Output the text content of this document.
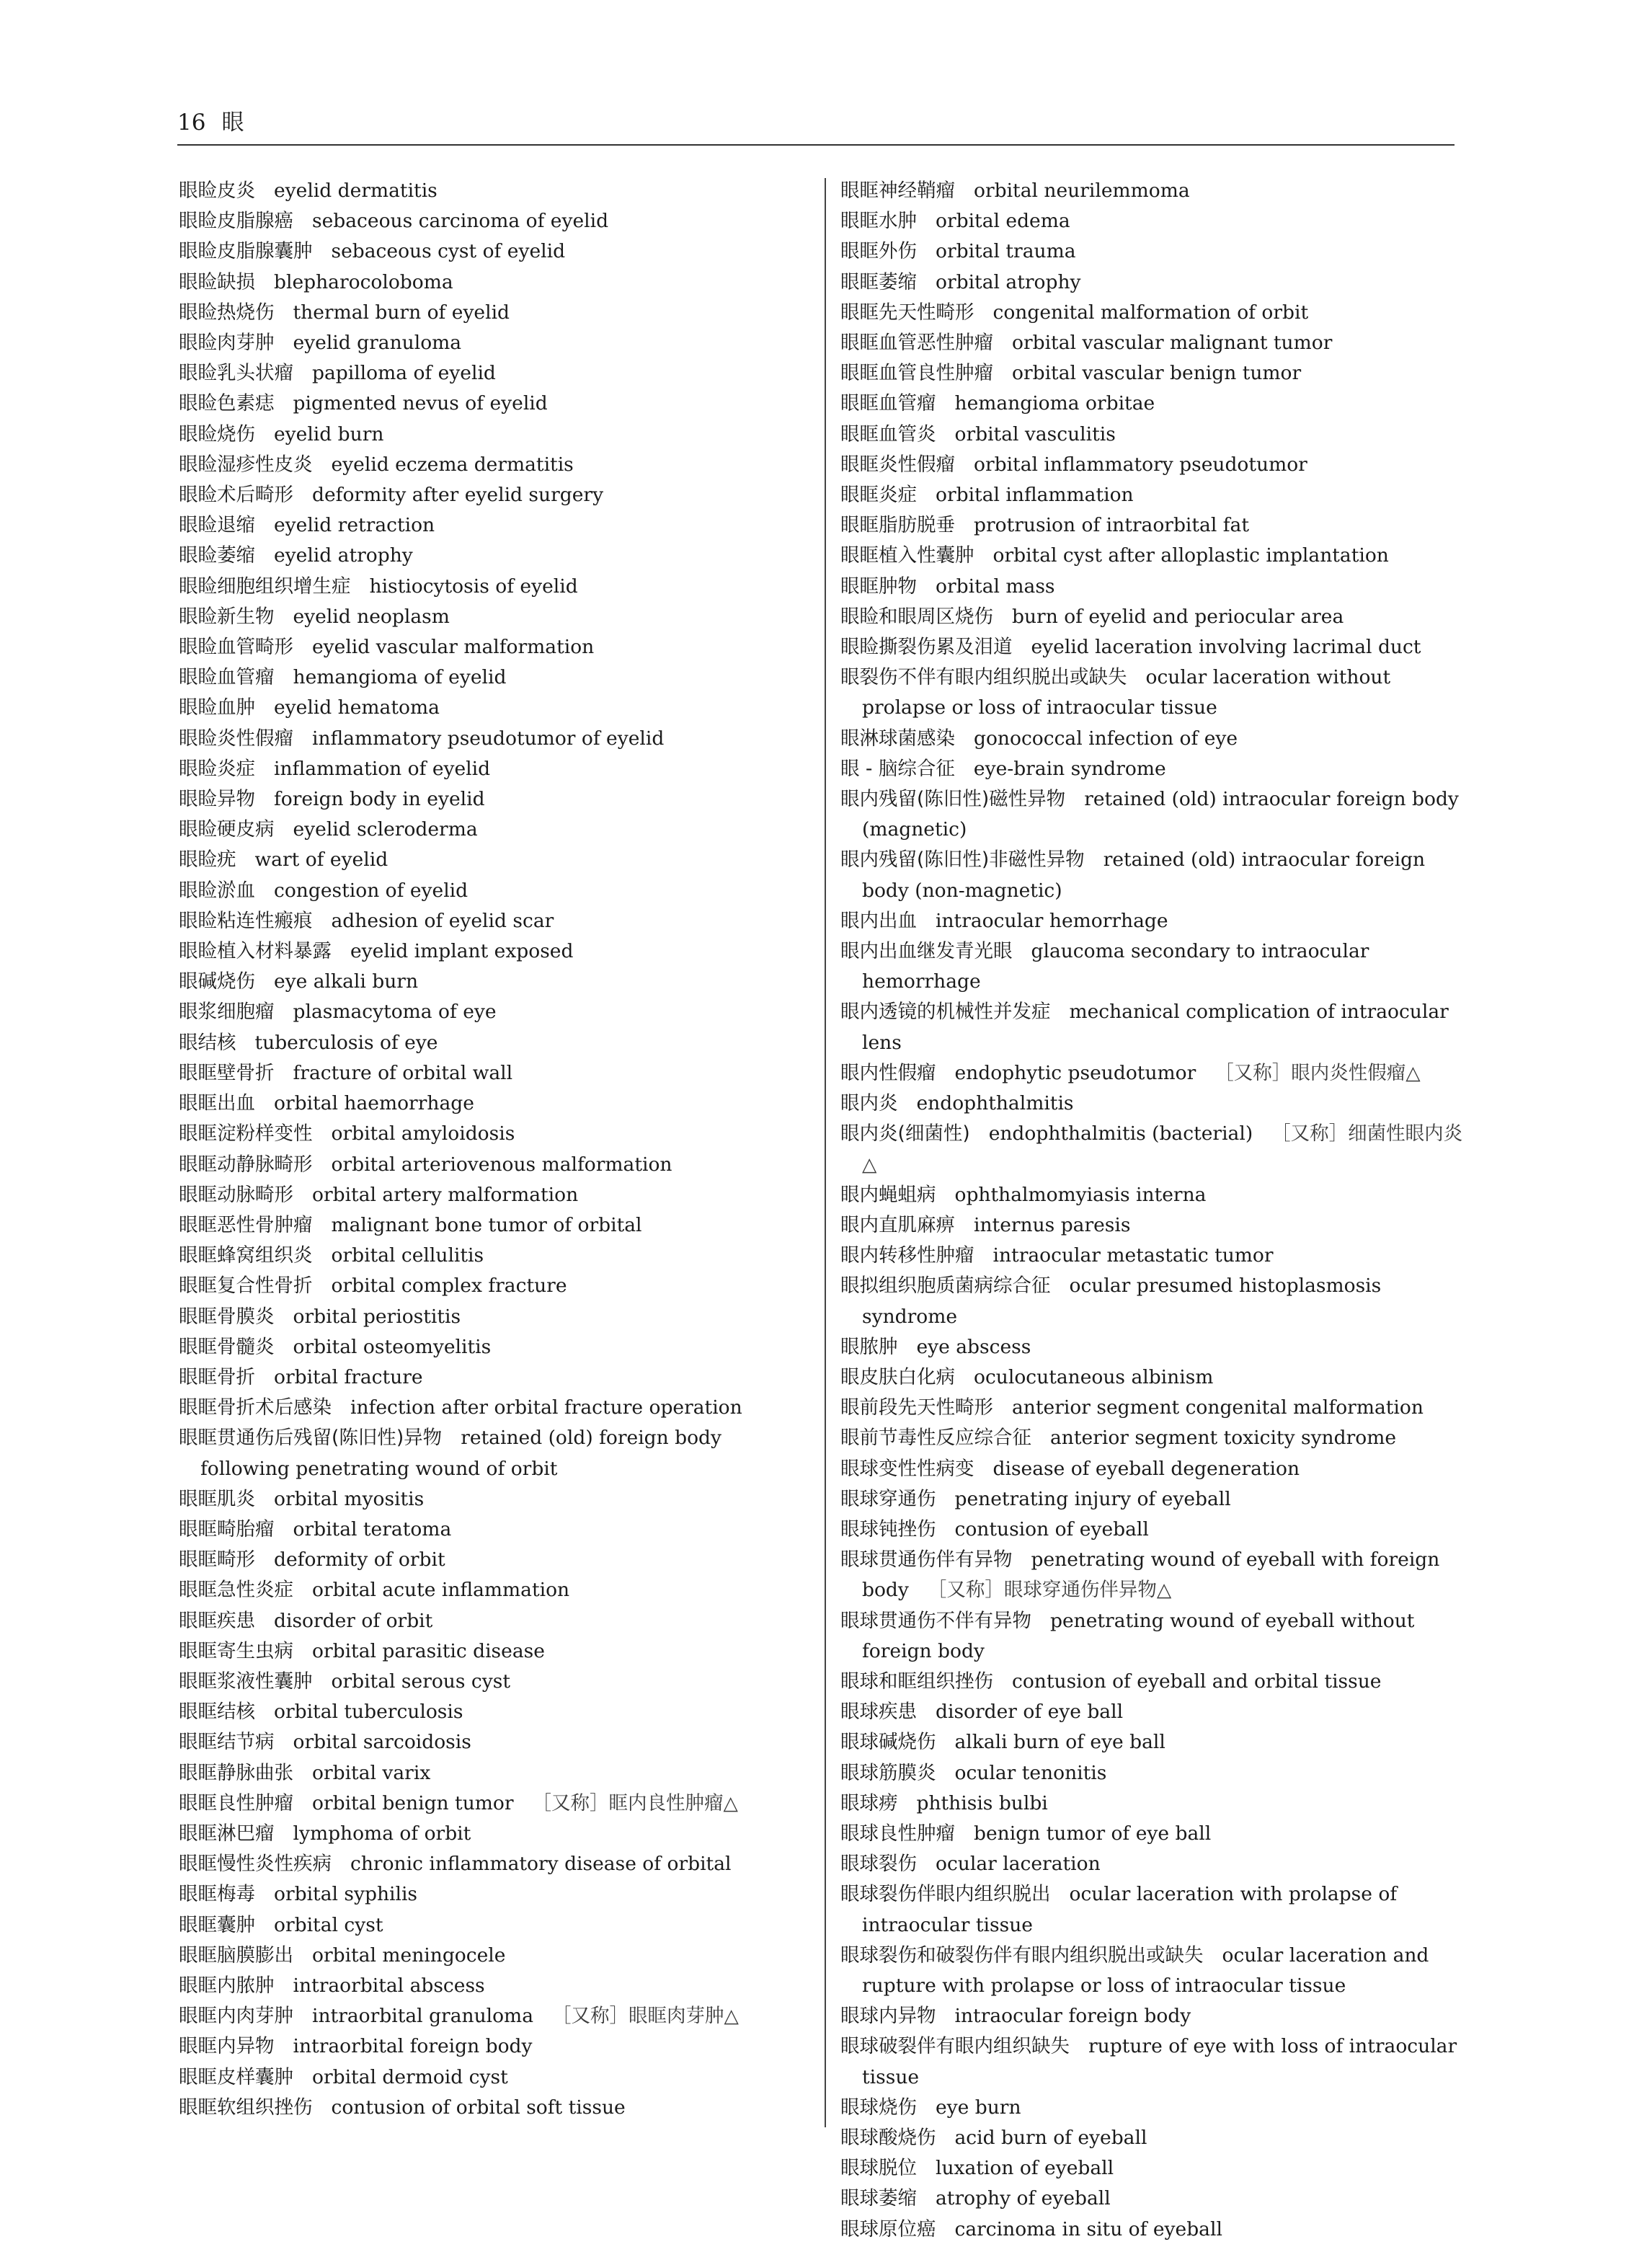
16 眼
眼睑皮炎 eyelid dermatitis
眼睑皮脂腺癌 sebaceous carcinoma of eyelid
眼睑皮脂腺囊肿 sebaceous cyst of eyelid
眼睑缺损 blepharocoloboma
眼睑热烧伤 thermal burn of eyelid
眼睑肉芽肿 eyelid granuloma
眼睑乳头状瘤 papilloma of eyelid
眼睑色素痣 pigmented nevus of eyelid
眼睑烧伤 eyelid burn
眼睑湿疹性皮炎 eyelid eczema dermatitis
眼睑术后畸形 deformity after eyelid surgery
眼睑退缩 eyelid retraction
眼睑萎缩 eyelid atrophy
眼睑细胞组织增生症 histiocytosis of eyelid
眼睑新生物 eyelid neoplasm
眼睑血管畸形 eyelid vascular malformation
眼睑血管瘤 hemangioma of eyelid
眼睑血肿 eyelid hematoma
眼睑炎性假瘤 inflammatory pseudotumor of eyelid
眼睑炎症 inflammation of eyelid
眼睑异物 foreign body in eyelid
眼睑硬皮病 eyelid scleroderma
眼睑疣 wart of eyelid
眼睑淤血 congestion of eyelid
眼睑粘连性瘢痕 adhesion of eyelid scar
眼睑植入材料暴露 eyelid implant exposed
眼碱烧伤 eye alkali burn
眼浆细胞瘤 plasmacytoma of eye
眼结核 tuberculosis of eye
眼眶壁骨折 fracture of orbital wall
眼眶出血 orbital haemorrhage
眼眶淀粉样变性 orbital amyloidosis
眼眶动静脉畸形 orbital arteriovenous malformation
眼眶动脉畸形 orbital artery malformation
眼眶恶性骨肿瘤 malignant bone tumor of orbital
眼眶蜂窝组织炎 orbital cellulitis
眼眶复合性骨折 orbital complex fracture
眼眶骨膜炎 orbital periostitis
眼眶骨髓炎 orbital osteomyelitis
眼眶骨折 orbital fracture
眼眶骨折术后感染 infection after orbital fracture operation
眼眶贯通伤后残留(陈旧性)异物 retained (old) foreign body following penetrating wound of orbit
眼眶肌炎 orbital myositis
眼眶畸胎瘤 orbital teratoma
眼眶畸形 deformity of orbit
眼眶急性炎症 orbital acute inflammation
眼眶疾患 disorder of orbit
眼眶寄生虫病 orbital parasitic disease
眼眶浆液性囊肿 orbital serous cyst
眼眶结核 orbital tuberculosis
眼眶结节病 orbital sarcoidosis
眼眶静脉曲张 orbital varix
眼眶良性肿瘤 orbital benign tumor ［又称］眶内良性肿瘤△
眼眶淋巴瘤 lymphoma of orbit
眼眶慢性炎性疾病 chronic inflammatory disease of orbital
眼眶梅毒 orbital syphilis
眼眶囊肿 orbital cyst
眼眶脑膜膨出 orbital meningocele
眼眶内脓肿 intraorbital abscess
眼眶内肉芽肿 intraorbital granuloma ［又称］眼眶肉芽肿△
眼眶内异物 intraorbital foreign body
眼眶皮样囊肿 orbital dermoid cyst
眼眶软组织挫伤 contusion of orbital soft tissue
眼眶神经鞘瘤 orbital neurilemmoma
眼眶水肿 orbital edema
眼眶外伤 orbital trauma
眼眶萎缩 orbital atrophy
眼眶先天性畸形 congenital malformation of orbit
眼眶血管恶性肿瘤 orbital vascular malignant tumor
眼眶血管良性肿瘤 orbital vascular benign tumor
眼眶血管瘤 hemangioma orbitae
眼眶血管炎 orbital vasculitis
眼眶炎性假瘤 orbital inflammatory pseudotumor
眼眶炎症 orbital inflammation
眼眶脂肪脱垂 protrusion of intraorbital fat
眼眶植入性囊肿 orbital cyst after alloplastic implantation
眼眶肿物 orbital mass
眼睑和眼周区烧伤 burn of eyelid and periocular area
眼睑撕裂伤累及泪道 eyelid laceration involving lacrimal duct
眼裂伤不伴有眼内组织脱出或缺失 ocular laceration without prolapse or loss of intraocular tissue
眼淋球菌感染 gonococcal infection of eye
眼 - 脑综合征 eye-brain syndrome
眼内残留(陈旧性)磁性异物 retained (old) intraocular foreign body (magnetic)
眼内残留(陈旧性)非磁性异物 retained (old) intraocular foreign body (non-magnetic)
眼内出血 intraocular hemorrhage
眼内出血继发青光眼 glaucoma secondary to intraocular hemorrhage
眼内透镜的机械性并发症 mechanical complication of intraocular lens
眼内性假瘤 endophytic pseudotumor ［又称］眼内炎性假瘤△
眼内炎 endophthalmitis
眼内炎(细菌性) endophthalmitis (bacterial) ［又称］细菌性眼内炎△
眼内蝇蛆病 ophthalmomyiasis interna
眼内直肌麻痹 internus paresis
眼内转移性肿瘤 intraocular metastatic tumor
眼拟组织胞质菌病综合征 ocular presumed histoplasmosis syndrome
眼脓肿 eye abscess
眼皮肤白化病 oculocutaneous albinism
眼前段先天性畸形 anterior segment congenital malformation
眼前节毒性反应综合征 anterior segment toxicity syndrome
眼球变性性病变 disease of eyeball degeneration
眼球穿通伤 penetrating injury of eyeball
眼球钝挫伤 contusion of eyeball
眼球贯通伤伴有异物 penetrating wound of eyeball with foreign body ［又称］眼球穿通伤伴异物△
眼球贯通伤不伴有异物 penetrating wound of eyeball without foreign body
眼球和眶组织挫伤 contusion of eyeball and orbital tissue
眼球疾患 disorder of eye ball
眼球碱烧伤 alkali burn of eye ball
眼球筋膜炎 ocular tenonitis
眼球痨 phthisis bulbi
眼球良性肿瘤 benign tumor of eye ball
眼球裂伤 ocular laceration
眼球裂伤伴眼内组织脱出 ocular laceration with prolapse of intraocular tissue
眼球裂伤和破裂伤伴有眼内组织脱出或缺失 ocular laceration and rupture with prolapse or loss of intraocular tissue
眼球内异物 intraocular foreign body
眼球破裂伴有眼内组织缺失 rupture of eye with loss of intraocular tissue
眼球烧伤 eye burn
眼球酸烧伤 acid burn of eyeball
眼球脱位 luxation of eyeball
眼球萎缩 atrophy of eyeball
眼球原位癌 carcinoma in situ of eyeball
